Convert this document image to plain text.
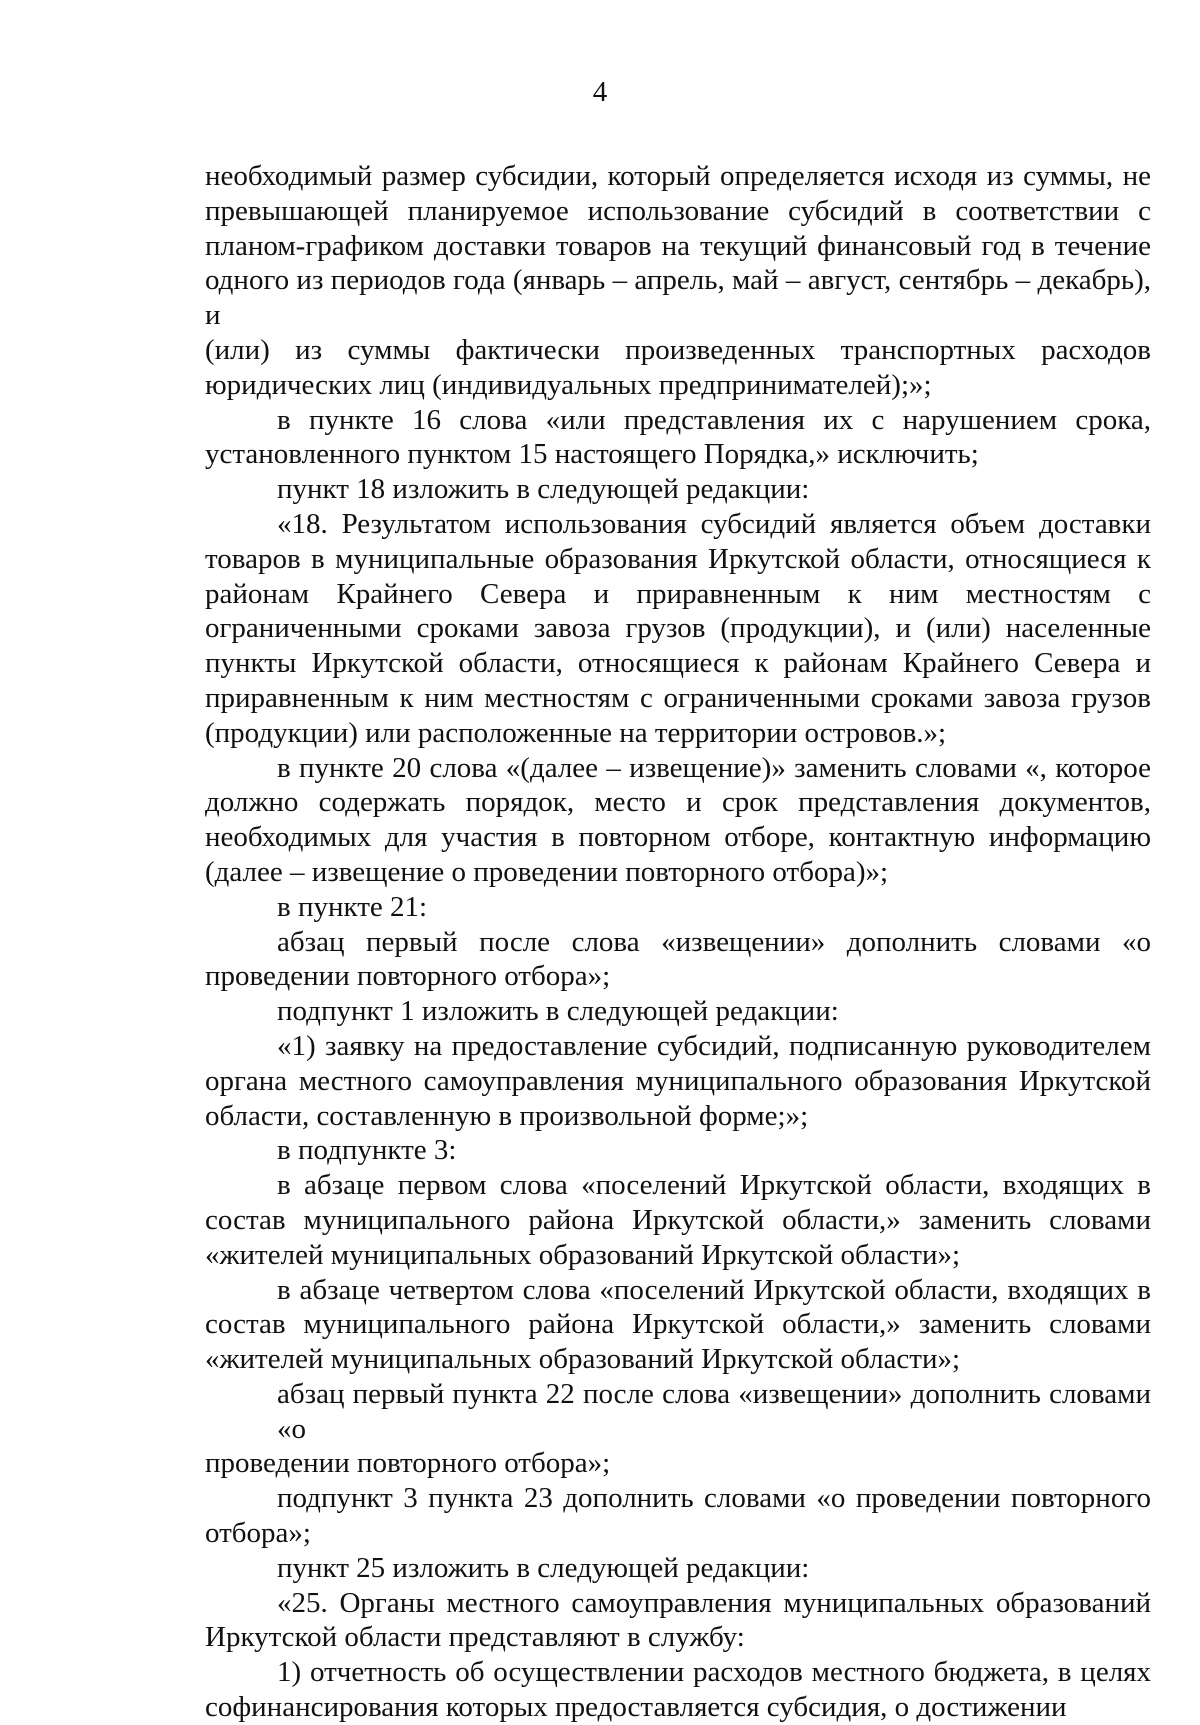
4
необходимый размер субсидии, который определяется исходя из суммы, не
превышающей планируемое использование субсидий в соответствии с
планом-графиком доставки товаров на текущий финансовый год в течение
одного из периодов года (январь – апрель, май – август, сентябрь – декабрь), и
(или) из суммы фактически произведенных транспортных расходов
юридических лиц (индивидуальных предпринимателей);»;
в пункте 16 слова «или представления их с нарушением срока,
установленного пунктом 15 настоящего Порядка,» исключить;
пункт 18 изложить в следующей редакции:
«18. Результатом использования субсидий является объем доставки
товаров в муниципальные образования Иркутской области, относящиеся к
районам Крайнего Севера и приравненным к ним местностям с
ограниченными сроками завоза грузов (продукции), и (или) населенные
пункты Иркутской области, относящиеся к районам Крайнего Севера и
приравненным к ним местностям с ограниченными сроками завоза грузов
(продукции) или расположенные на территории островов.»;
в пункте 20 слова «(далее – извещение)» заменить словами «, которое
должно содержать порядок, место и срок представления документов,
необходимых для участия в повторном отборе, контактную информацию
(далее – извещение о проведении повторного отбора)»;
в пункте 21:
абзац первый после слова «извещении» дополнить словами «о
проведении повторного отбора»;
подпункт 1 изложить в следующей редакции:
«1) заявку на предоставление субсидий, подписанную руководителем
органа местного самоуправления муниципального образования Иркутской
области, составленную в произвольной форме;»;
в подпункте 3:
в абзаце первом слова «поселений Иркутской области, входящих в
состав муниципального района Иркутской области,» заменить словами
«жителей муниципальных образований Иркутской области»;
в абзаце четвертом слова «поселений Иркутской области, входящих в
состав муниципального района Иркутской области,» заменить словами
«жителей муниципальных образований Иркутской области»;
абзац первый пункта 22 после слова «извещении» дополнить словами «о
проведении повторного отбора»;
подпункт 3 пункта 23 дополнить словами «о проведении повторного
отбора»;
пункт 25 изложить в следующей редакции:
«25. Органы местного самоуправления муниципальных образований
Иркутской области представляют в службу:
1) отчетность об осуществлении расходов местного бюджета, в целях
софинансирования которых предоставляется субсидия, о достижении
